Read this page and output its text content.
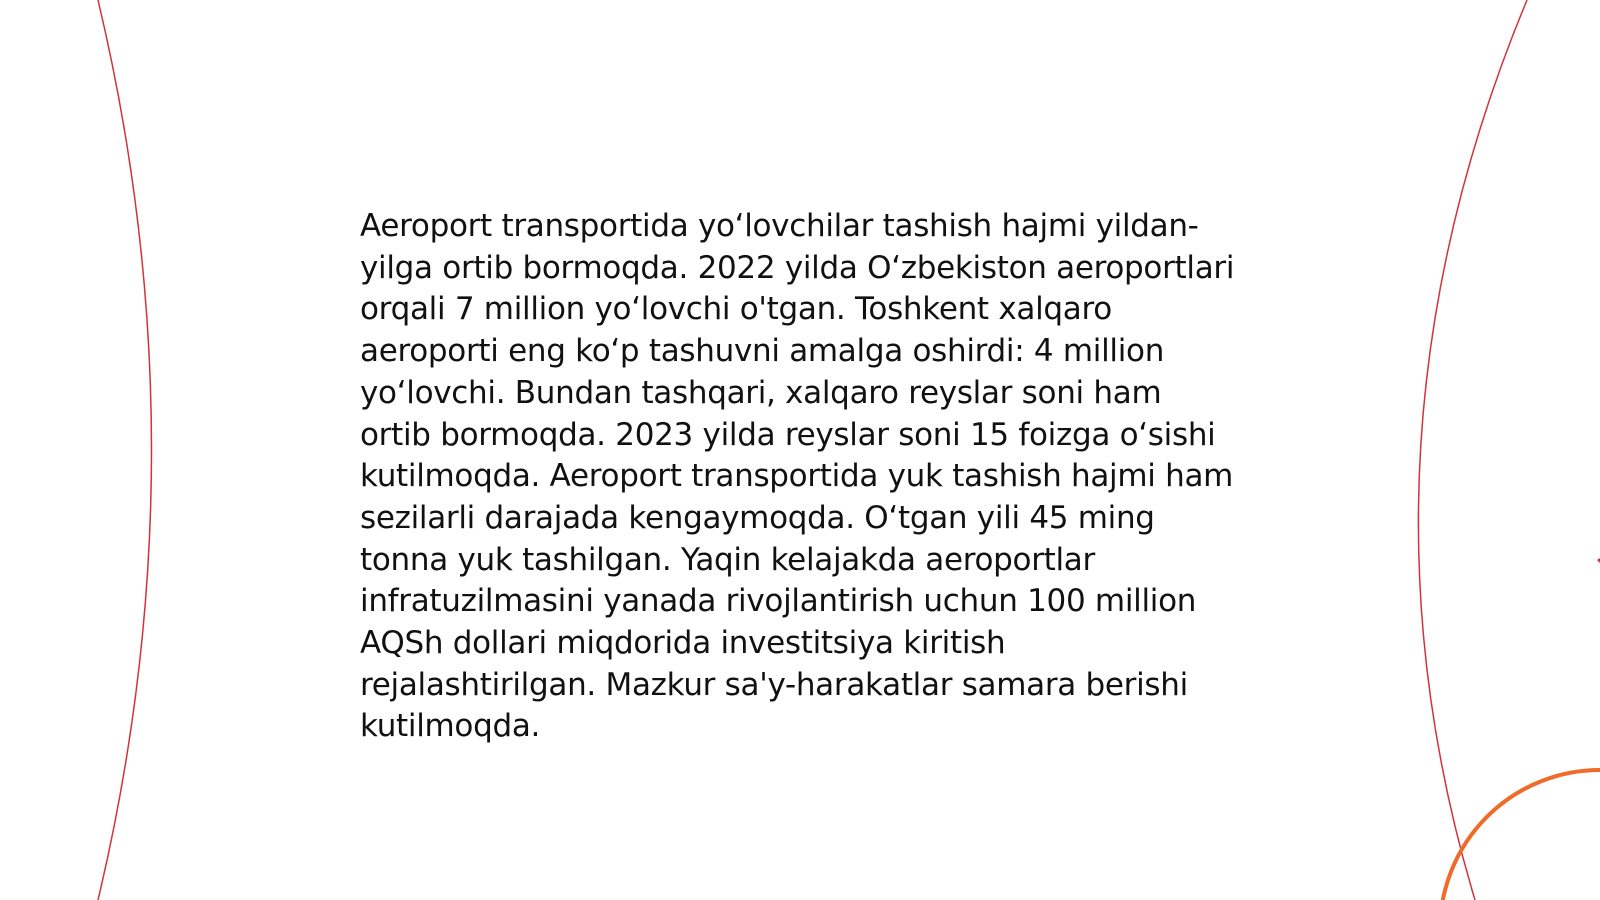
Aeroport transportida yo‘lovchilar tashish hajmi yildan-yilga ortib bormoqda. 2022 yilda O‘zbekiston aeroportlari orqali 7 million yo‘lovchi o'tgan. Toshkent xalqaro aeroporti eng ko‘p tashuvni amalga oshirdi: 4 million yo‘lovchi. Bundan tashqari, xalqaro reyslar soni ham ortib bormoqda. 2023 yilda reyslar soni 15 foizga o‘sishi kutilmoqda. Aeroport transportida yuk tashish hajmi ham sezilarli darajada kengaymoqda. O‘tgan yili 45 ming tonna yuk tashilgan. Yaqin kelajakda aeroportlar infratuzilmasini yanada rivojlantirish uchun 100 million AQSh dollari miqdorida investitsiya kiritish rejalashtirilgan. Mazkur sa'y-harakatlar samara berishi kutilmoqda.
